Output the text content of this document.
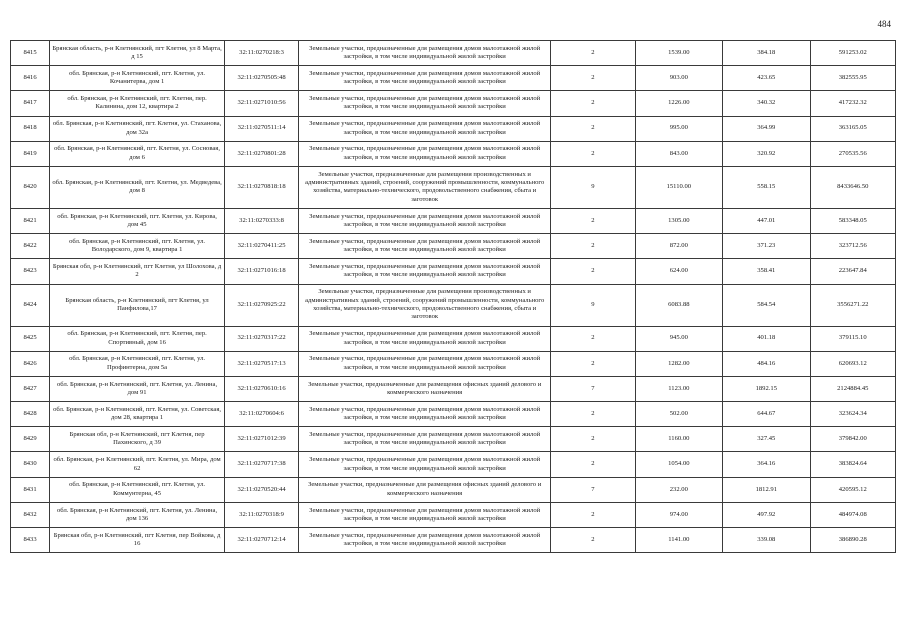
484
8415	Брянская область, р-н Клетнянский, пгт Клетня, ул 8 Марта, д 15	32:11:0270218:3	Земельные участки, предназначенные для размещения домов малоэтажной жилой застройки, в том числе индивидуальной жилой застройки	2	1539.00	384.18	591253.02
8416	обл. Брянская, р-н Клетнянский, пгт. Клетня, ул. Кочанитерва, дом 1	32:11:0270505:48	Земельные участки, предназначенные для размещения домов малоэтажной жилой застройки, в том числе индивидуальной жилой застройки	2	903.00	423.65	382555.95
8417	обл. Брянская, р-н Клетнянский, пгт. Клетня, пер. Калинина, дом 12, квартира 2	32:11:0271010:56	Земельные участки, предназначенные для размещения домов малоэтажной жилой застройки, в том числе индивидуальной жилой застройки	2	1226.00	340.32	417232.32
8418	обл. Брянская, р-н Клетнянский, пгт. Клетня, ул. Стаханова, дом 32а	32:11:0270511:14	Земельные участки, предназначенные для размещения домов малоэтажной жилой застройки, в том числе индивидуальной жилой застройки	2	995.00	364.99	363165.05
8419	обл. Брянская, р-н Клетнянский, пгт. Клетня, ул. Сосновая, дом 6	32:11:0270801:28	Земельные участки, предназначенные для размещения домов малоэтажной жилой застройки, в том числе индивидуальной жилой застройки	2	843.00	320.92	270535.56
8420	обл. Брянская, р-н Клетнянский, пгт. Клетня, ул. Медведева, дом 8	32:11:0270818:18	Земельные участки, предназначенные для размещения производственных и административных зданий, строений, сооружений промышленности, коммунального хозяйства, материально-технического, продовольственного снабжения, сбыта и заготовок	9	15110.00	558.15	8433646.50
8421	обл. Брянская, р-н Клетнянский, пгт. Клетня, ул. Кирова, дом 45	32:11:0270333:8	Земельные участки, предназначенные для размещения домов малоэтажной жилой застройки, в том числе индивидуальной жилой застройки	2	1305.00	447.01	583348.05
8422	обл. Брянская, р-н Клетнянский, пгт. Клетня, ул. Володарского, дом 9, квартира 1	32:11:0270411:25	Земельные участки, предназначенные для размещения домов малоэтажной жилой застройки, в том числе индивидуальной жилой застройки	2	872.00	371.23	323712.56
8423	Брянская обл, р-н Клетнянский, пгт Клетня, ул Шолохова, д 2	32:11:0271016:18	Земельные участки, предназначенные для размещения домов малоэтажной жилой застройки, в том числе индивидуальной жилой застройки	2	624.00	358.41	223647.84
8424	Брянская область, р-н Клетнянский, пгт Клетня, ул Панфилова,17	32:11:0270925:22	Земельные участки, предназначенные для размещения производственных и административных зданий, строений, сооружений промышленности, коммунального хозяйства, материально-технического, продовольственного снабжения, сбыта и заготовок	9	6083.88	584.54	3556271.22
8425	обл. Брянская, р-н Клетнянский, пгт. Клетня, пер. Спортивный, дом 16	32:11:0270317:22	Земельные участки, предназначенные для размещения домов малоэтажной жилой застройки, в том числе индивидуальной жилой застройки	2	945.00	401.18	379115.10
8426	обл. Брянская, р-н Клетнянский, пгт. Клетня, ул. Профинтерна, дом 5а	32:11:0270517:13	Земельные участки, предназначенные для размещения домов малоэтажной жилой застройки, в том числе индивидуальной жилой застройки	2	1282.00	484.16	620693.12
8427	обл. Брянская, р-н Клетнянский, пгт. Клетня, ул. Ленина, дом 91	32:11:0270610:16	Земельные участки, предназначенные для размещения офисных зданий делового и коммерческого назначения	7	1123.00	1892.15	2124884.45
8428	обл. Брянская, р-н Клетнянский, пгт. Клетня, ул. Советская, дом 28, квартира 1	32:11:0270604:6	Земельные участки, предназначенные для размещения домов малоэтажной жилой застройки, в том числе индивидуальной жилой застройки	2	502.00	644.67	323624.34
8429	Брянская обл, р-н Клетнянский, пгт Клетня, пер Пахинского, д 39	32:11:0271012:39	Земельные участки, предназначенные для размещения домов малоэтажной жилой застройки, в том числе индивидуальной жилой застройки	2	1160.00	327.45	379842.00
8430	обл. Брянская, р-н Клетнянский, пгт. Клетня, ул. Мира, дом 62	32:11:0270717:38	Земельные участки, предназначенные для размещения домов малоэтажной жилой застройки, в том числе индивидуальной жилой застройки	2	1054.00	364.16	383824.64
8431	обл. Брянская, р-н Клетнянский, пгт. Клетня, ул. Коммунтерна, 45	32:11:0270520:44	Земельные участки, предназначенные для размещения офисных зданий делового и коммерческого назначения	7	232.00	1812.91	420595.12
8432	обл. Брянская, р-н Клетнянский, пгт. Клетня, ул. Ленина, дом 136	32:11:0270318:9	Земельные участки, предназначенные для размещения домов малоэтажной жилой застройки, в том числе индивидуальной жилой застройки	2	974.00	497.92	484974.08
8433	Брянская обл, р-н Клетнянский, пгт Клетня, пер Войкова, д 16	32:11:0270712:14	Земельные участки, предназначенные для размещения домов малоэтажной жилой застройки, в том числе индивидуальной жилой застройки	2	1141.00	339.08	386890.28
